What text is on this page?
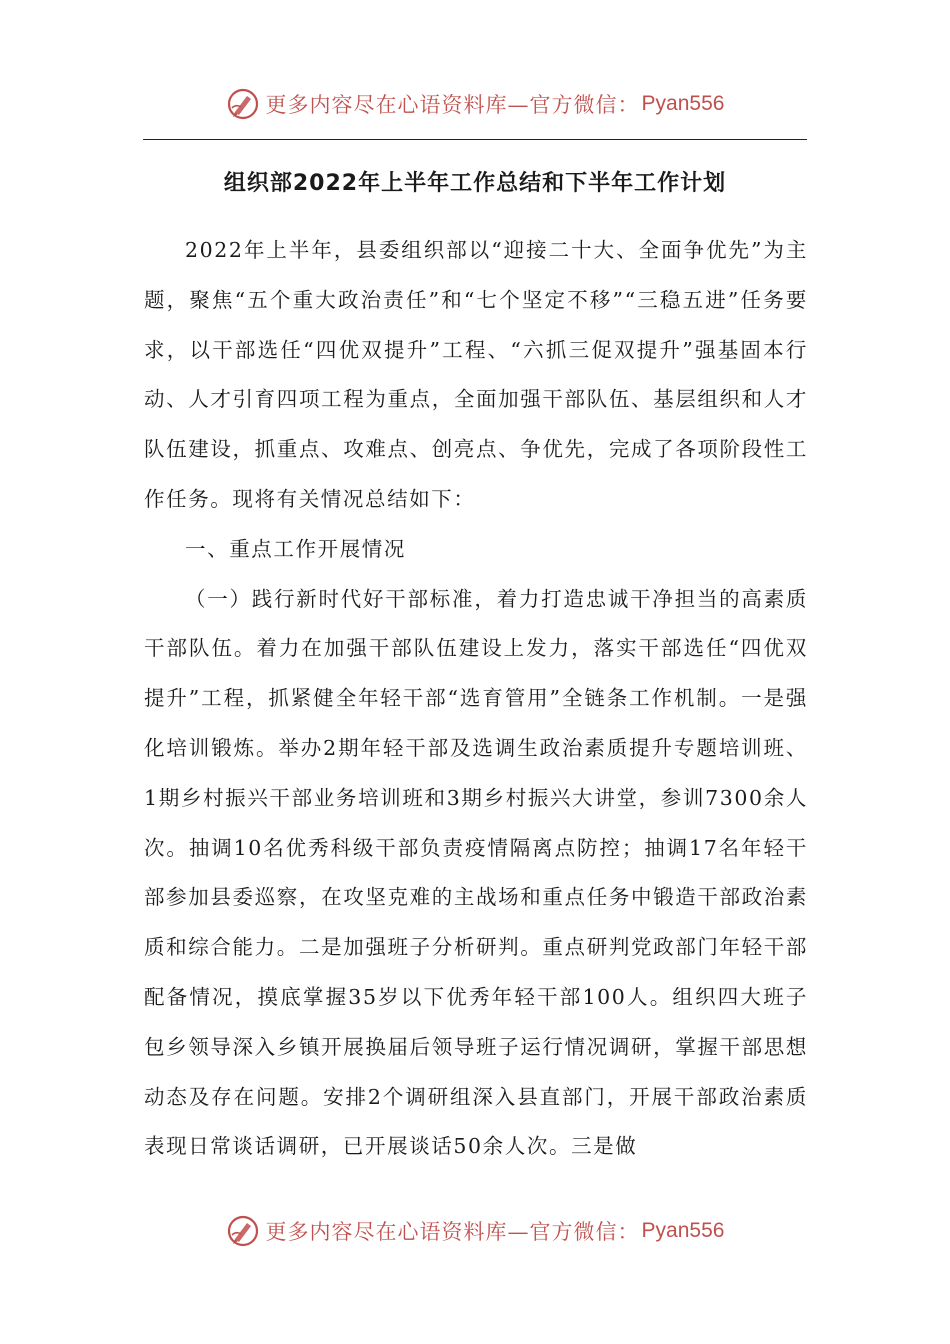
更多内容尽在心语资料库—官方微信： Pyan556
组织部2022年上半年工作总结和下半年工作计划

2022年上半年，县委组织部以“迎接二十大、全面争优先”为主题，聚焦“五个重大政治责任”和“七个坚定不移”“三稳五进”任务要求，以干部选任“四优双提升”工程、“六抓三促双提升”强基固本行动、人才引育四项工程为重点，全面加强干部队伍、基层组织和人才队伍建设，抓重点、攻难点、创亮点、争优先，完成了各项阶段性工作任务。现将有关情况总结如下：

一、重点工作开展情况

（一）践行新时代好干部标准，着力打造忠诚干净担当的高素质干部队伍。着力在加强干部队伍建设上发力，落实干部选任“四优双提升”工程，抓紧健全年轻干部“选育管用”全链条工作机制。一是强化培训锻炼。举办2期年轻干部及选调生政治素质提升专题培训班、1期乡村振兴干部业务培训班和3期乡村振兴大讲堂，参训7300余人次。抽调10名优秀科级干部负责疫情隔离点防控；抽调17名年轻干部参加县委巡察，在攻坚克难的主战场和重点任务中锻造干部政治素质和综合能力。二是加强班子分析研判。重点研判党政部门年轻干部配备情况，摸底掌握35岁以下优秀年轻干部100人。组织四大班子包乡领导深入乡镇开展换届后领导班子运行情况调研，掌握干部思想动态及存在问题。安排2个调研组深入县直部门，开展干部政治素质表现日常谈话调研，已开展谈话50余人次。三是做

更多内容尽在心语资料库—官方微信： Pyan556
